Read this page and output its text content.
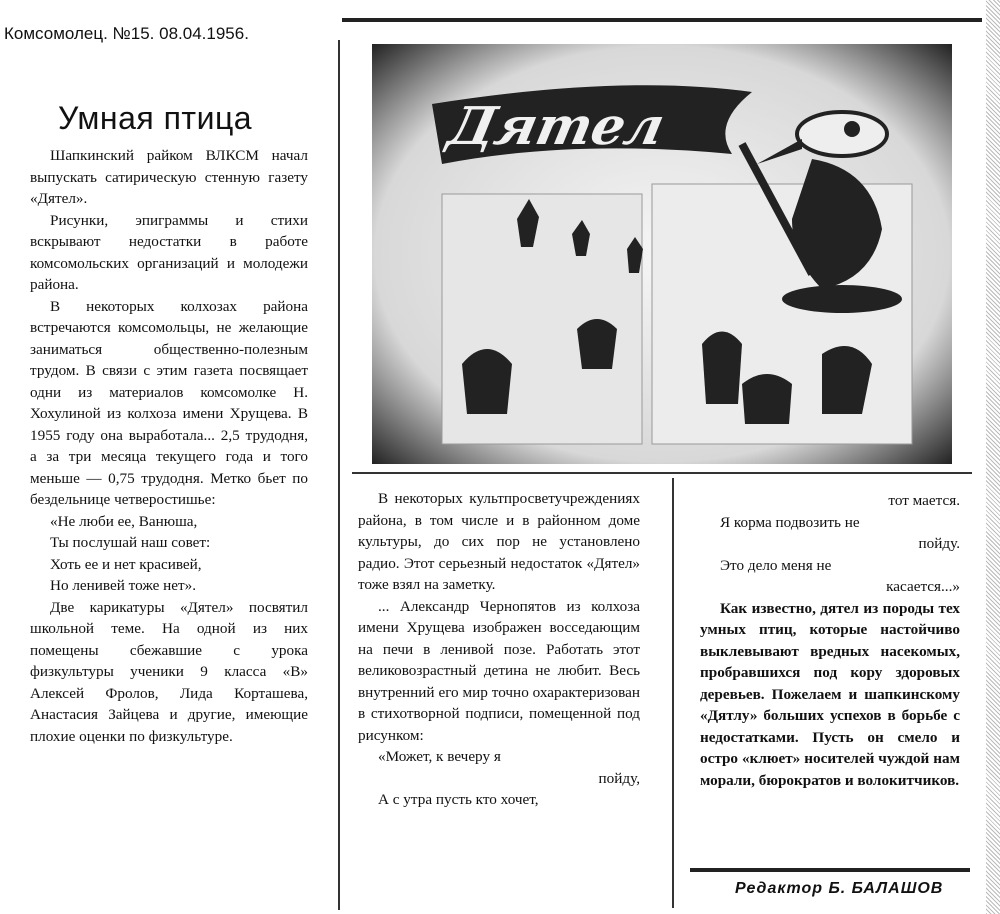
Комсомолец. №15. 08.04.1956.
Умная птица	Дятел

Шапкинский райком ВЛКСМ начал выпускать сатирическую стенную газету «Дятел».

Рисунки, эпиграммы и стихи вскрывают недостатки в работе комсомольских организаций и молодежи района.

В некоторых колхозах района встречаются комсомольцы, не желающие заниматься общественно-полезным трудом. В связи с этим газета посвящает одни из материалов комсомолке Н. Хохулиной из колхоза имени Хрущева. В 1955 году она выработала... 2,5 трудодня, а за три месяца текущего года и того меньше — 0,75 трудодня. Метко бьет по бездельнице четверостишье:

«Не люби ее, Ванюша,

Ты послушай наш совет:

Хоть ее и нет красивей,

Но ленивей тоже нет».

Две карикатуры «Дятел» посвятил школьной теме. На одной из них помещены сбежавшие с урока физкультуры ученики 9 класса «В» Алексей Фролов, Лида Корташева, Анастасия Зайцева и другие, имеющие плохие оценки по физкультуре.

В некоторых культпросветучреждениях района, в том числе и в районном доме культуры, до сих пор не установлено радио. Этот серьезный недостаток «Дятел» тоже взял на заметку.

... Александр Чернопятов из колхоза имени Хрущева изображен восседающим на печи в ленивой позе. Работать этот великовозрастный детина не любит. Весь внутренний его мир точно охарактеризован в стихотворной подписи, помещенной под рисунком:

«Может, к вечеру я

пойду,

А с утра пусть кто хочет,

тот мается.

Я корма подвозить не

пойду.

Это дело меня не

касается...»

Как известно, дятел из породы тех умных птиц, которые настойчиво выклевывают вредных насекомых, пробравшихся под кору здоровых деревьев. Пожелаем и шапкинскому «Дятлу» больших успехов в борьбе с недостатками. Пусть он смело и остро «клюет» носителей чуждой нам морали, бюрократов и волокитчиков.

Редактор Б. БАЛАШОВ
